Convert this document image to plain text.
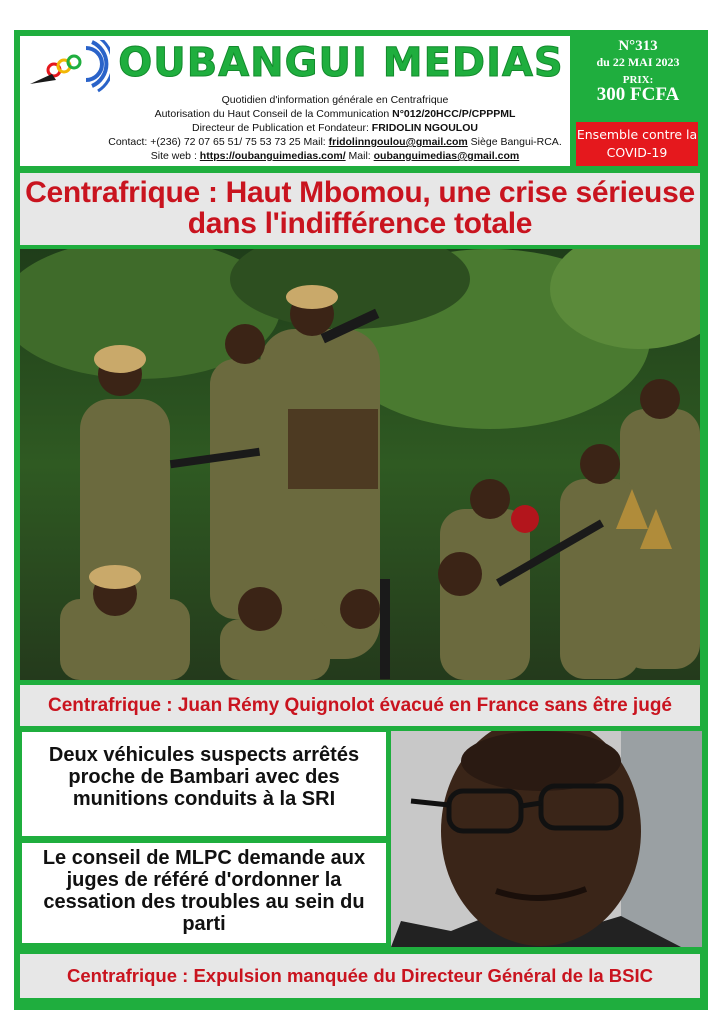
OUBANGUI MEDIAS
Quotidien d'information générale en Centrafrique
Autorisation du Haut Conseil de la Communication N°012/20HCC/P/CPPPML
Directeur de Publication et Fondateur: FRIDOLIN NGOULOU
Contact: +(236) 72 07 65 51/ 75 53 73 25 Mail: fridolinngoulou@gmail.com Siège Bangui-RCA.
Site web : https://oubanguimedias.com/ Mail: oubanguimedias@gmail.com
N°313
du 22 MAI 2023
PRIX:
300 FCFA
Ensemble contre la COVID-19
Centrafrique : Haut Mbomou, une crise sérieuse dans l'indifférence totale
Centrafrique : Juan Rémy Quignolot évacué en France sans être jugé
Deux véhicules suspects arrêtés proche de Bambari avec des munitions conduits à la SRI
Le conseil de MLPC demande aux juges de référé d'ordonner la cessation des troubles au sein du parti
Centrafrique : Expulsion manquée du Directeur Général de la BSIC
